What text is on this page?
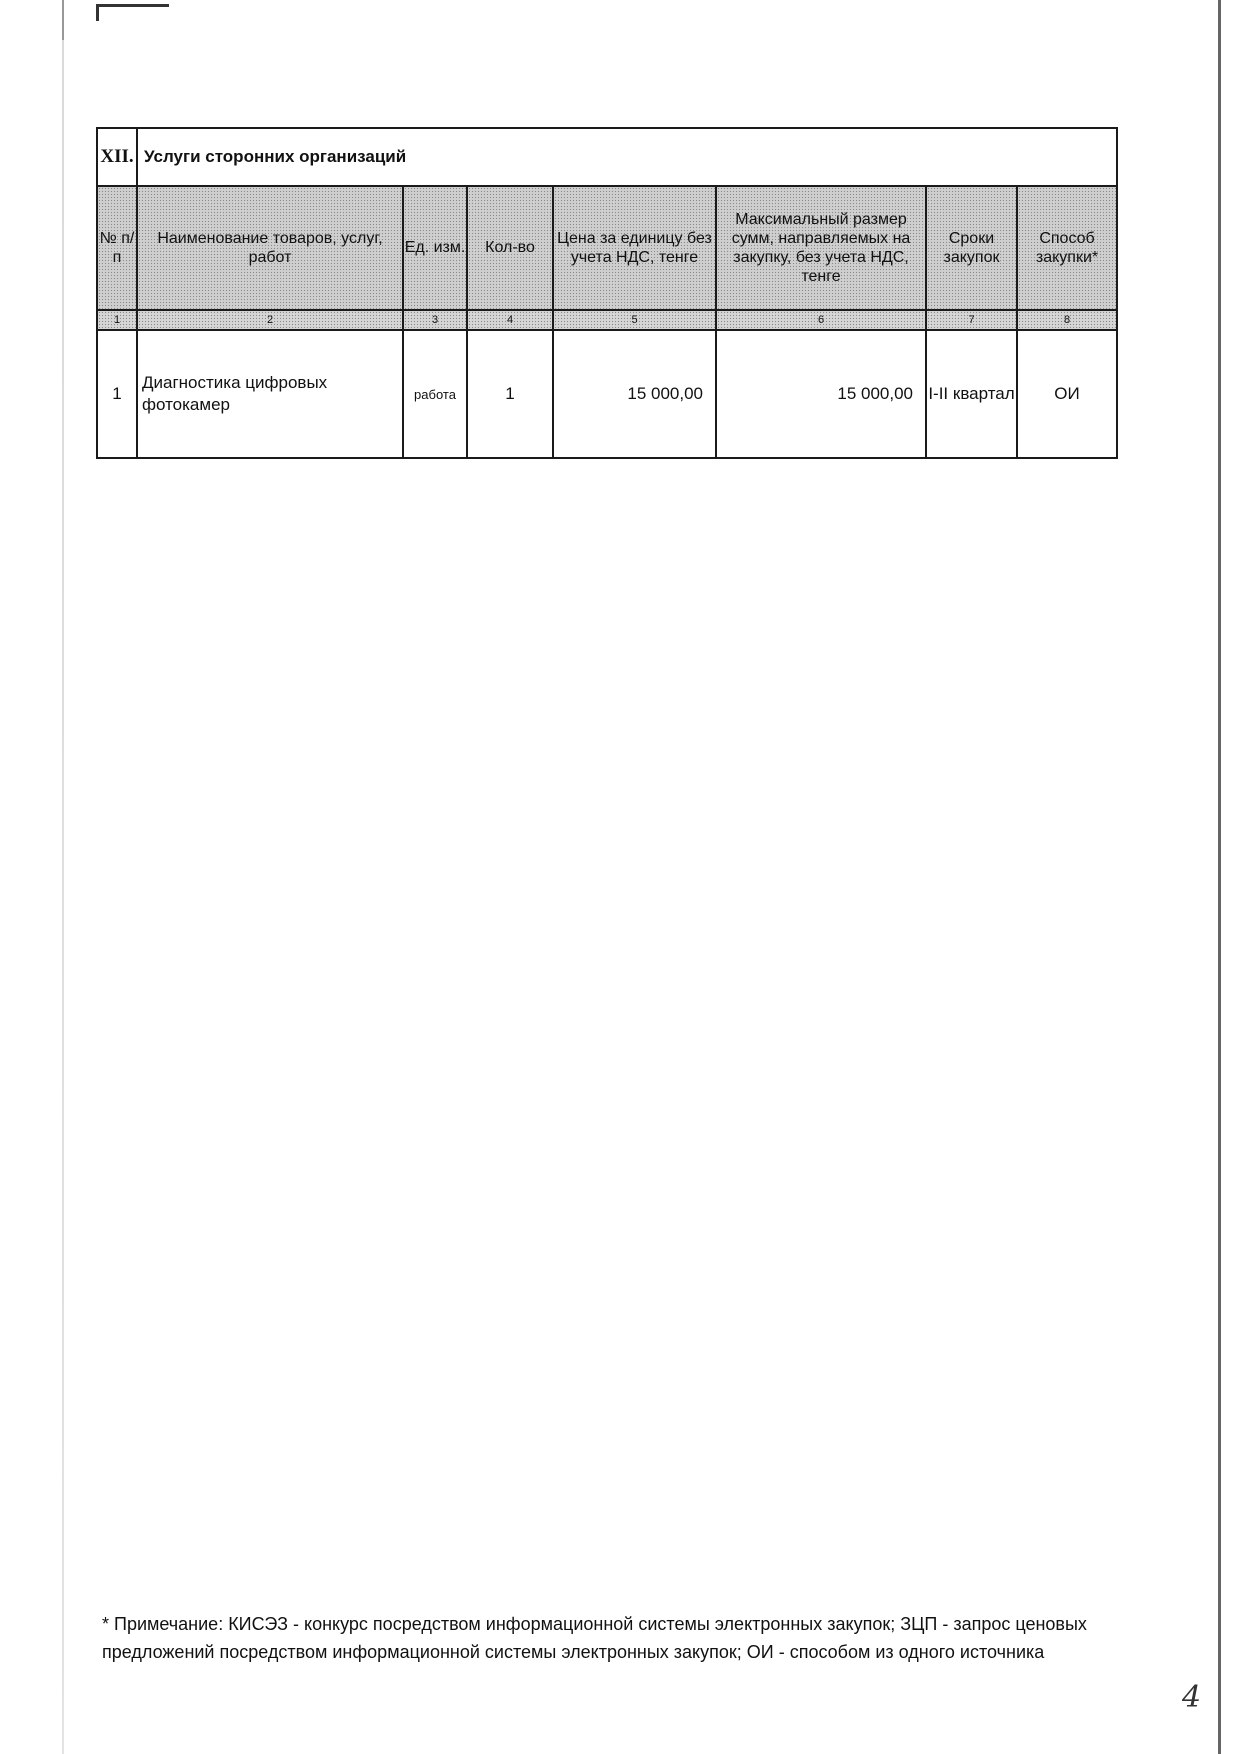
XII.	Услуги сторонних организаций						
№ п/п	Наименование товаров, услуг, работ	Ед. изм.	Кол-во	Цена за единицу без учета НДС, тенге	Максимальный размер сумм, направляемых на закупку, без учета НДС, тенге	Сроки закупок	Способ закупки*
1	2	3	4	5	6	7	8
1	Диагностика цифровых фотокамер	работа	1	15 000,00	15 000,00	I-II квартал	ОИ
* Примечание: КИСЭЗ - конкурс посредством информационной системы электронных закупок; ЗЦП - запрос ценовых предложений посредством информационной системы электронных закупок; ОИ - способом из одного источника
4
